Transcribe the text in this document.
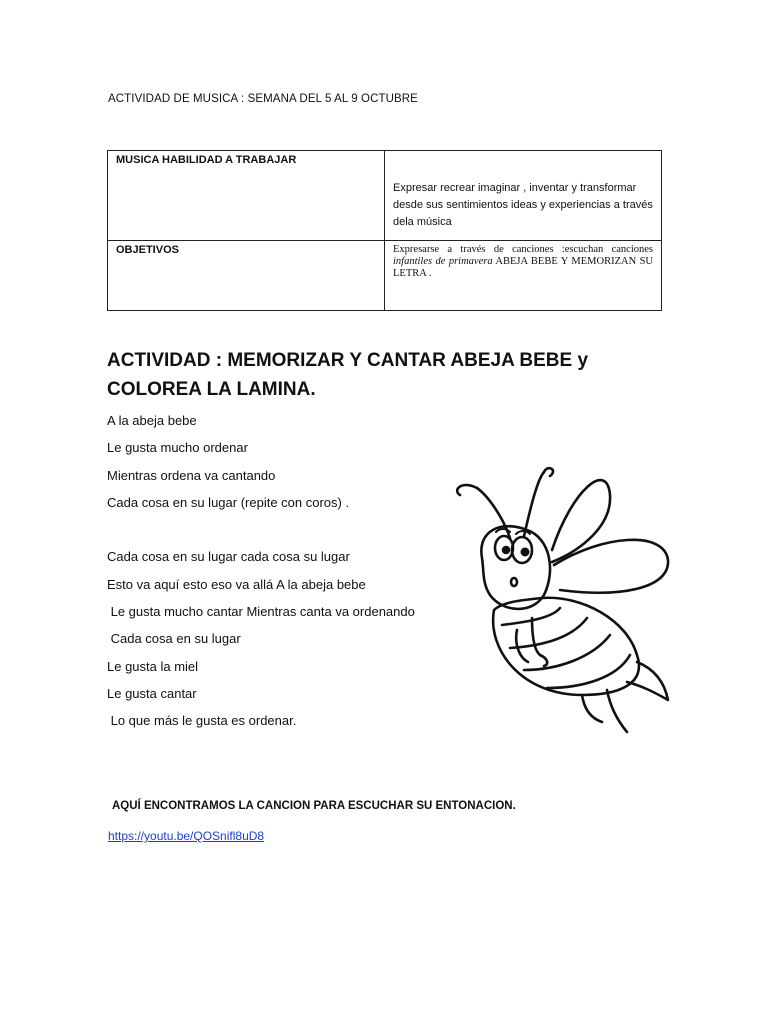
ACTIVIDAD DE MUSICA : SEMANA DEL 5 AL 9 OCTUBRE
MUSICA HABILIDAD A TRABAJAR	Expresar recrear imaginar , inventar y transformar desde sus sentimientos ideas y experiencias a través dela música

OBJETIVOS	Expresarse a través de canciones :escuchan canciones infantiles de primavera ABEJA BEBE Y MEMORIZAN SU LETRA .
ACTIVIDAD : MEMORIZAR Y CANTAR ABEJA BEBE y COLOREA LA LAMINA.
A la abeja bebe
Le gusta mucho ordenar
Mientras ordena va cantando
Cada cosa en su lugar (repite con coros) .
Cada cosa en su lugar cada cosa su lugar
Esto va aquí esto eso va allá A la abeja bebe
Le gusta mucho cantar Mientras canta va ordenando
Cada cosa en su lugar
Le gusta la miel
Le gusta cantar
Lo que más le gusta es ordenar.
AQUÍ ENCONTRAMOS LA CANCION PARA ESCUCHAR SU ENTONACION.
https://youtu.be/QOSnifl8uD8
